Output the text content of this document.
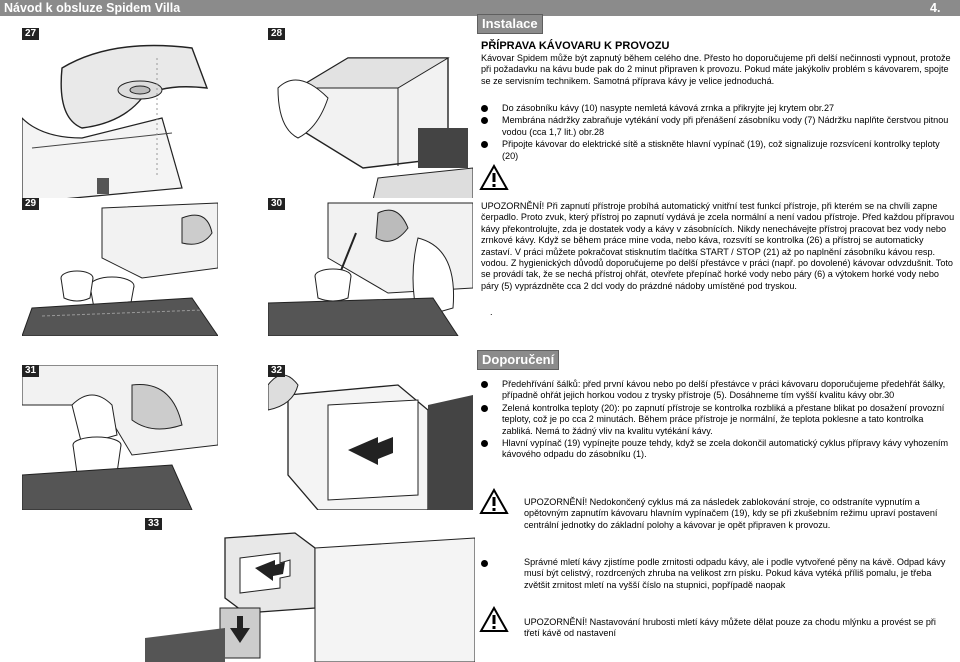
Návod k obsluze Spidem Villa	4.
27	28
29	30
31	32
33
Instalace
PŘÍPRAVA KÁVOVARU K PROVOZU
Kávovar Spidem může být zapnutý během celého dne. Přesto ho doporučujeme při delší nečinnosti vypnout, protože při požadavku na kávu bude pak do 2 minut připraven k provozu. Pokud máte jakýkoliv problém s kávovarem, spojte se ze servisním technikem. Samotná příprava kávy je velice jednoduchá.
Do zásobníku kávy (10) nasypte nemletá kávová zrnka a přikryjte jej krytem obr.27
Membrána nádržky zabraňuje vytékání vody při přenášení zásobníku vody (7) Nádržku naplňte čerstvou pitnou vodou (cca 1,7 lit.) obr.28
Připojte kávovar do elektrické sítě a stiskněte hlavní vypínač (19), což signalizuje rozsvícení kontrolky teploty (20)
UPOZORNĚNÍ! Při zapnutí přístroje probíhá automatický vnitřní test funkcí přístroje, při kterém se na chvíli zapne čerpadlo. Proto zvuk, který přístroj po zapnutí vydává je zcela normální a není vadou přístroje. Před každou přípravou kávy překontrolujte, zda je dostatek vody a kávy v zásobnících. Nikdy nenechávejte přístroj pracovat bez vody nebo zrnkové kávy. Když se během práce mine voda, nebo káva, rozsvítí se kontrolka (26) a přístroj se automaticky zastaví. V práci můžete pokračovat stisknutím tlačítka START / STOP (21) až po naplnění zásobníku kávou resp. vodou. Z hygienických důvodů doporučujeme po delší přestávce v práci (např. po dovolené) kávovar odvzdušnit. Toto se provádí tak, že se nechá přístroj ohřát, otevřete přepínač horké vody nebo páry (6) a výtokem horké vody nebo páry (5) vyprázdněte cca 2 dcl vody do prázdné nádoby umístěné pod tryskou.
.
Doporučení
Předehřívání šálků: před první kávou nebo po delší přestávce v práci kávovaru doporučujeme předehřát šálky, případně ohřát jejich horkou vodou z trysky přístroje (5). Dosáhneme tím vyšší kvalitu kávy obr.30
Zelená kontrolka teploty (20): po zapnutí přístroje se kontrolka rozbliká a přestane blikat po dosažení provozní teploty, což je po cca 2 minutách. Během práce přístroje je normální, že teplota poklesne a tato kontrolka zabliká. Nemá to žádný vliv na kvalitu vytékání kávy.
Hlavní vypínač (19) vypínejte pouze tehdy, když se zcela dokončil automatický cyklus přípravy kávy vyhozením kávového odpadu do zásobníku (1).
UPOZORNĚNÍ! Nedokončený cyklus má za následek zablokování stroje, co odstraníte vypnutím a opětovným zapnutím kávovaru hlavním vypínačem (19), kdy se při zkušebním režimu upraví postavení centrální jednotky do základní polohy a kávovar je opět připraven k provozu.
Správné mletí kávy zjistíme podle zrnitosti odpadu kávy, ale i podle vytvořené pěny na kávě. Odpad kávy musí být celistvý, rozdrcených zhruba na velikost zrn písku. Pokud káva vytéká příliš pomalu, je třeba zvětšit zrnitost mletí na vyšší číslo na stupnici, popřípadě naopak
UPOZORNĚNÍ! Nastavování hrubosti mletí kávy můžete dělat pouze za chodu mlýnku a provést se při třetí kávě od nastavení
